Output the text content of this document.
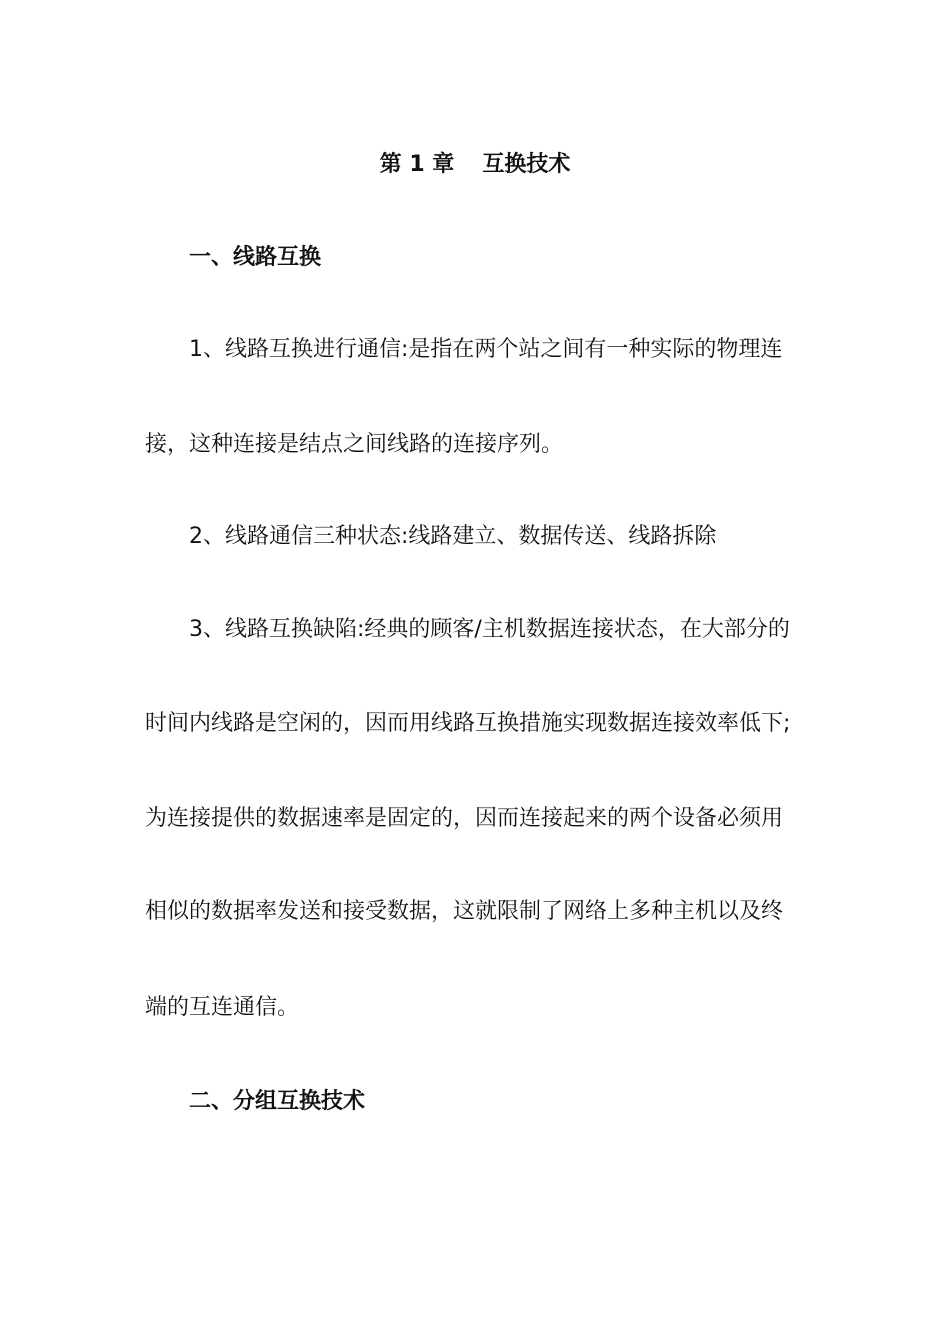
第 1 章 互换技术
一、线路互换
1、线路互换进行通信:是指在两个站之间有一种实际的物理连
接，这种连接是结点之间线路的连接序列。
2、线路通信三种状态:线路建立、数据传送、线路拆除
3、线路互换缺陷:经典的顾客/主机数据连接状态，在大部分的
时间内线路是空闲的，因而用线路互换措施实现数据连接效率低下;
为连接提供的数据速率是固定的，因而连接起来的两个设备必须用
相似的数据率发送和接受数据，这就限制了网络上多种主机以及终
端的互连通信。
二、分组互换技术
